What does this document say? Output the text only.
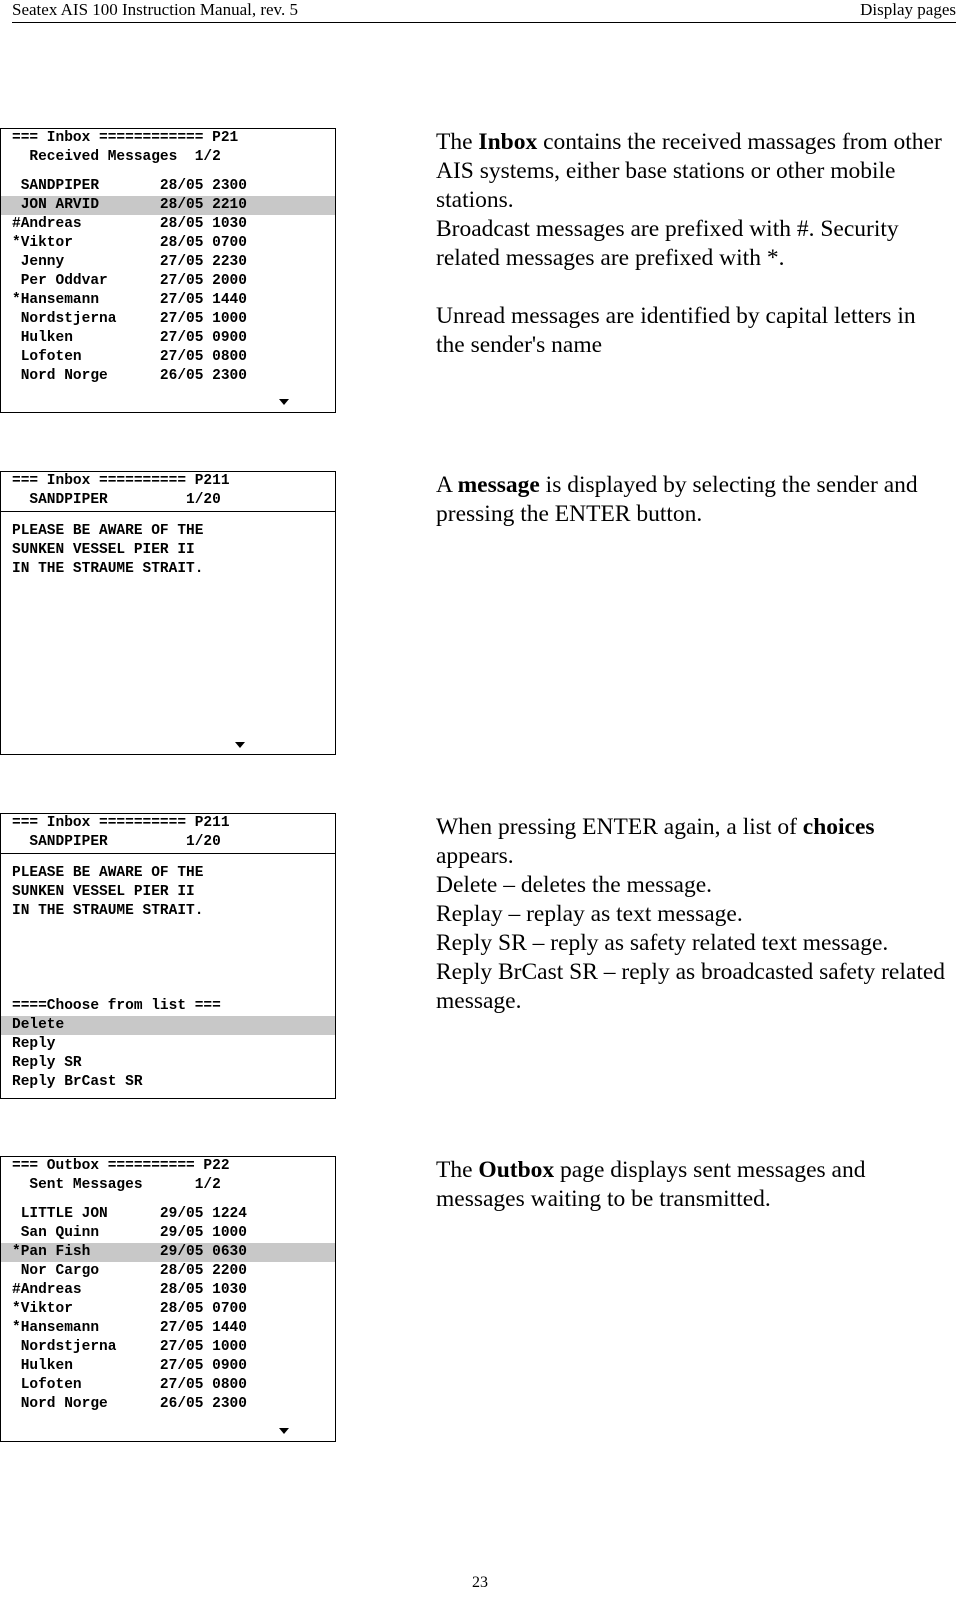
Seatex AIS 100 Instruction Manual, rev. 5	Display pages
=== Inbox ============ P21
Received Messages  1/2
SANDPIPER       28/05 2300
JON ARVID       28/05 2210
#Andreas         28/05 1030
*Viktor          28/05 0700
Jenny           27/05 2230
Per Oddvar      27/05 2000
*Hansemann       27/05 1440
Nordstjerna     27/05 1000
Hulken          27/05 0900
Lofoten         27/05 0800
Nord Norge      26/05 2300

The Inbox contains the received massages from other AIS systems, either base stations or other mobile stations.

Broadcast messages are prefixed with #. Security related messages are prefixed with *.

Unread messages are identified by capital letters in the sender's name

=== Inbox ========== P211
SANDPIPER         1/20
PLEASE BE AWARE OF THE
SUNKEN VESSEL PIER II
IN THE STRAUME STRAIT.

A message is displayed by selecting the sender and pressing the ENTER button.

=== Inbox ========== P211
SANDPIPER         1/20
PLEASE BE AWARE OF THE
SUNKEN VESSEL PIER II
IN THE STRAUME STRAIT.
====Choose from list ===
Delete
Reply
Reply SR
Reply BrCast SR

When pressing ENTER again, a list of choices appears.

Delete – deletes the message.

Replay – replay as text message.

Reply SR – reply as safety related text message.

Reply BrCast SR – reply as broadcasted safety related message.

=== Outbox ========== P22
Sent Messages      1/2
LITTLE JON      29/05 1224
San Quinn       29/05 1000
*Pan Fish        29/05 0630
Nor Cargo       28/05 2200
#Andreas         28/05 1030
*Viktor          28/05 0700
*Hansemann       27/05 1440
Nordstjerna     27/05 1000
Hulken          27/05 0900
Lofoten         27/05 0800
Nord Norge      26/05 2300

The Outbox page displays sent messages and messages waiting to be transmitted.

23
